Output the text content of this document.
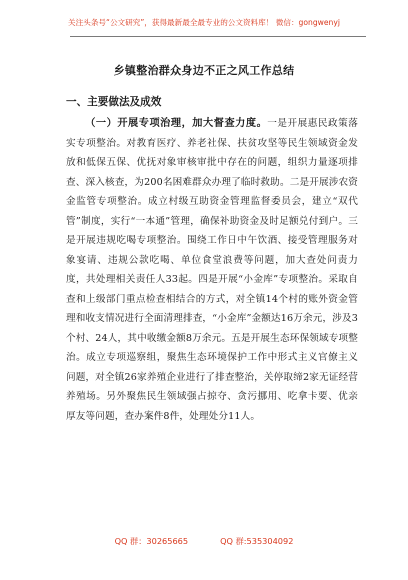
关注头条号“公文研究”，获得最新最全最专业的公文资料库！ 微信：gongwenyj
乡镇整治群众身边不正之风工作总结
一、主要做法及成效
（一）开展专项治理，加大督查力度。一是开展惠民政策落实专项整治。对教育医疗、养老社保、扶贫攻坚等民生领域资金发放和低保五保、优抚对象审核审批中存在的问题，组织力量逐项排查、深入核查，为200名困难群众办理了临时救助。二是开展涉农资金监管专项整治。成立村级互助资金管理监督委员会，建立“双代管”制度，实行“一本通”管理，确保补助资金及时足额兑付到户。三是开展违规吃喝专项整治。围绕工作日中午饮酒、接受管理服务对象宴请、违规公款吃喝、单位食堂浪费等问题，加大查处问责力度，共处理相关责任人33起。四是开展“小金库”专项整治。采取自查和上级部门重点检查相结合的方式，对全镇14个村的账外资金管理和收支情况进行全面清理排查，“小金库”金额达16万余元，涉及3个村、24人，其中收缴金额8万余元。五是开展生态环保领域专项整治。成立专项巡察组，聚焦生态环境保护工作中形式主义官僚主义问题，对全镇26家养殖企业进行了排查整治，关停取缔2家无证经营养殖场。另外聚焦民生领域强占掠夺、贪污挪用、吃拿卡要、优亲厚友等问题，查办案件8件，处理处分11人。
QQ 群：30265665	QQ 群:535304092
